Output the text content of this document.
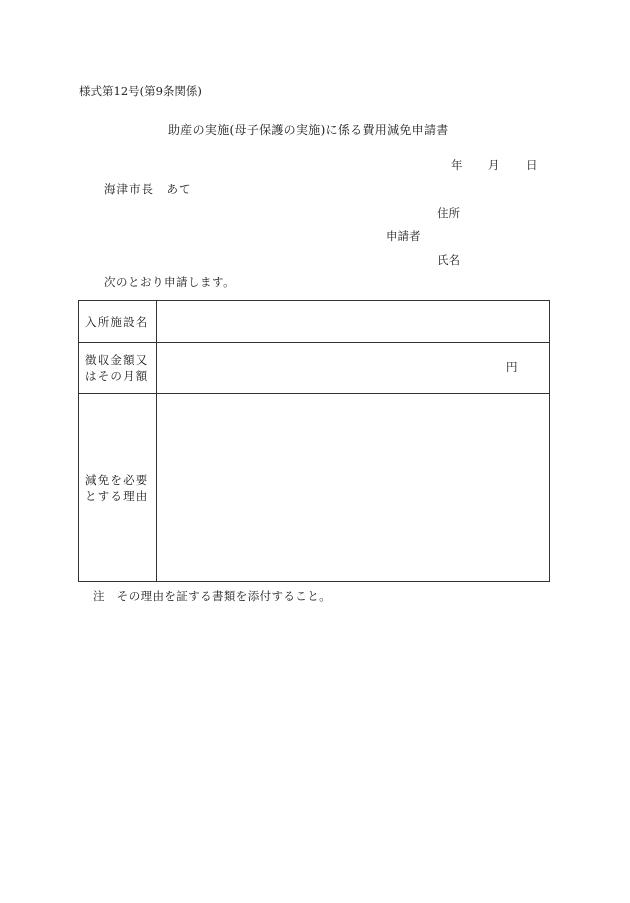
様式第12号(第9条関係)
助産の実施(母子保護の実施)に係る費用減免申請書
年 月 日
海津市長　あて
住所
申請者
氏名
次のとおり申請します。
入所施設名	

徴収金額又
はその月額	円

減免を必要
とする理由	

注　その理由を証する書類を添付すること。
